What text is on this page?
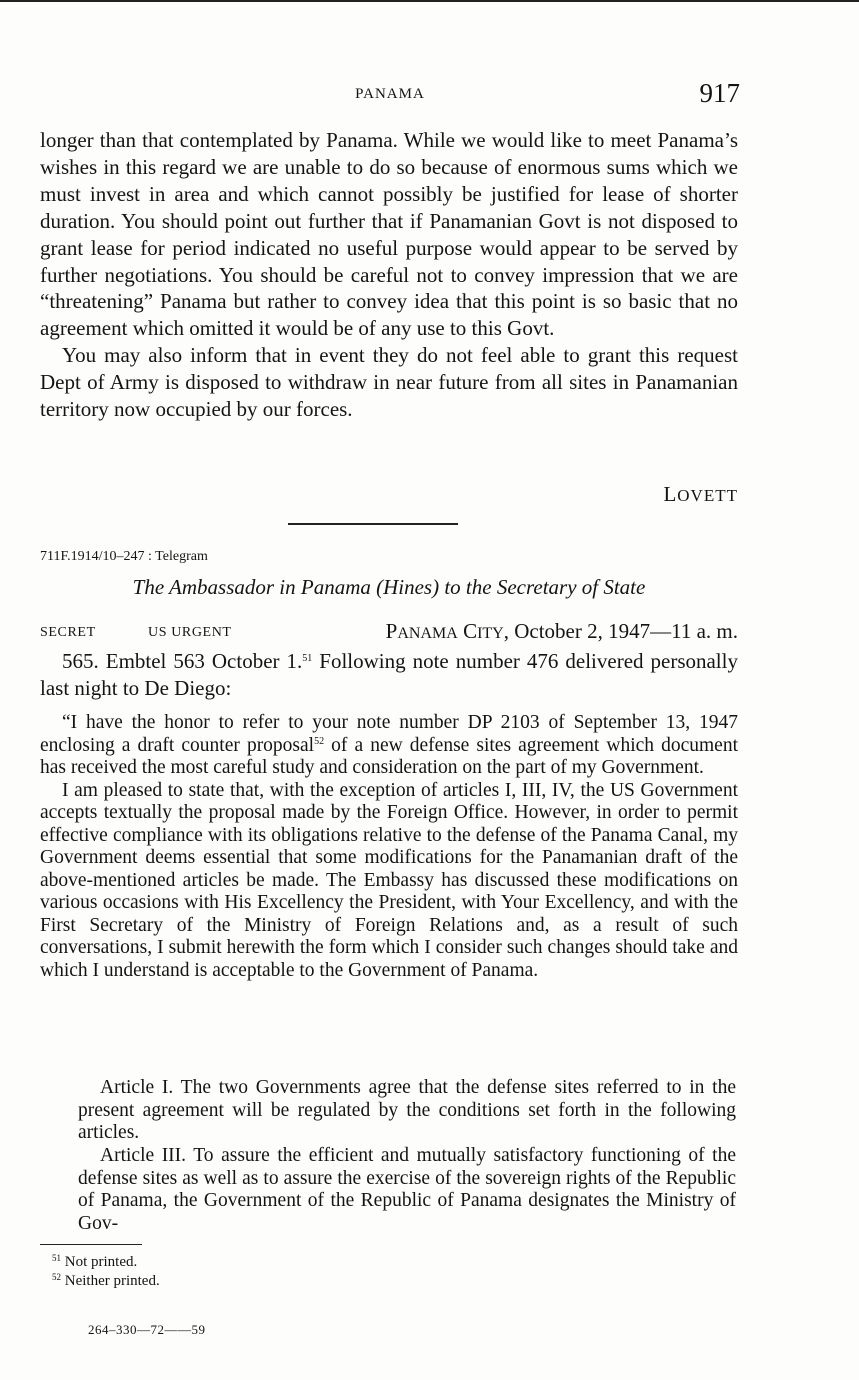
PANAMA	917

longer than that contemplated by Panama. While we would like to meet Panama’s wishes in this regard we are unable to do so because of enormous sums which we must invest in area and which cannot possibly be justified for lease of shorter duration. You should point out further that if Panamanian Govt is not disposed to grant lease for period indicated no useful purpose would appear to be served by further negotiations. You should be careful not to convey impression that we are “threatening” Panama but rather to convey idea that this point is so basic that no agreement which omitted it would be of any use to this Govt.

You may also inform that in event they do not feel able to grant this request Dept of Army is disposed to withdraw in near future from all sites in Panamanian territory now occupied by our forces.

LOVETT
711F.1914/10–247 : Telegram
The Ambassador in Panama (Hines) to the Secretary of State
SECRET	US URGENT	PANAMA CITY, October 2, 1947—11 a. m.

565. Embtel 563 October 1.51 Following note number 476 delivered personally last night to De Diego:

“I have the honor to refer to your note number DP 2103 of September 13, 1947 enclosing a draft counter proposal$^{52}$ of a new defense sites agreement which document has received the most careful study and consideration on the part of my Government.

I am pleased to state that, with the exception of articles I, III, IV, the US Government accepts textually the proposal made by the Foreign Office. However, in order to permit effective compliance with its obligations relative to the defense of the Panama Canal, my Government deems essential that some modifications for the Panamanian draft of the above-mentioned articles be made. The Embassy has discussed these modifications on various occasions with His Excellency the President, with Your Excellency, and with the First Secretary of the Ministry of Foreign Relations and, as a result of such conversations, I submit herewith the form which I consider such changes should take and which I understand is acceptable to the Government of Panama.

Article I. The two Governments agree that the defense sites referred to in the present agreement will be regulated by the conditions set forth in the following articles.

Article III. To assure the efficient and mutually satisfactory functioning of the defense sites as well as to assure the exercise of the sovereign rights of the Republic of Panama, the Government of the Republic of Panama designates the Ministry of Gov-

$^{51}$ Not printed.
$^{52}$ Neither printed.
264–330—72——59
